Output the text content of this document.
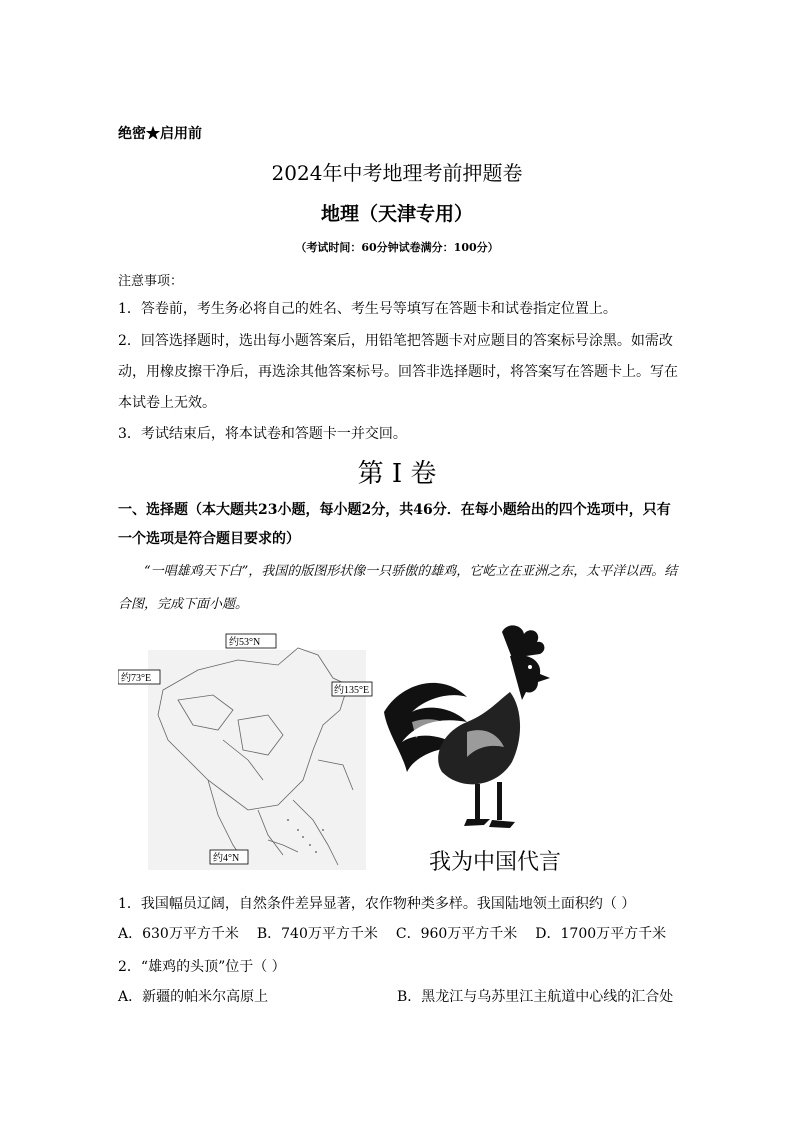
绝密★启用前
2024年中考地理考前押题卷
地理（天津专用）
（考试时间：60分钟试卷满分：100分）
注意事项：
1．答卷前，考生务必将自己的姓名、考生号等填写在答题卡和试卷指定位置上。
2．回答选择题时，选出每小题答案后，用铅笔把答题卡对应题目的答案标号涂黑。如需改动，用橡皮擦干净后，再选涂其他答案标号。回答非选择题时，将答案写在答题卡上。写在本试卷上无效。
3．考试结束后，将本试卷和答题卡一并交回。
第 I 卷
一、选择题（本大题共23小题，每小题2分，共46分．在每小题给出的四个选项中，只有一个选项是符合题目要求的）
“一唱雄鸡天下白”，我国的版图形状像一只骄傲的雄鸡，它屹立在亚洲之东，太平洋以西。结合图，完成下面小题。
约53°N
约73°E
约135°E
约4°N	我为中国代言
1．我国幅员辽阔，自然条件差异显著，农作物种类多样。我国陆地领土面积约（ ）
A．630万平方千米 B．740万平方千米 C．960万平方千米 D．1700万平方千米
2．“雄鸡的头顶”位于（ ）
A．新疆的帕米尔高原上	B．黑龙江与乌苏里江主航道中心线的汇合处
